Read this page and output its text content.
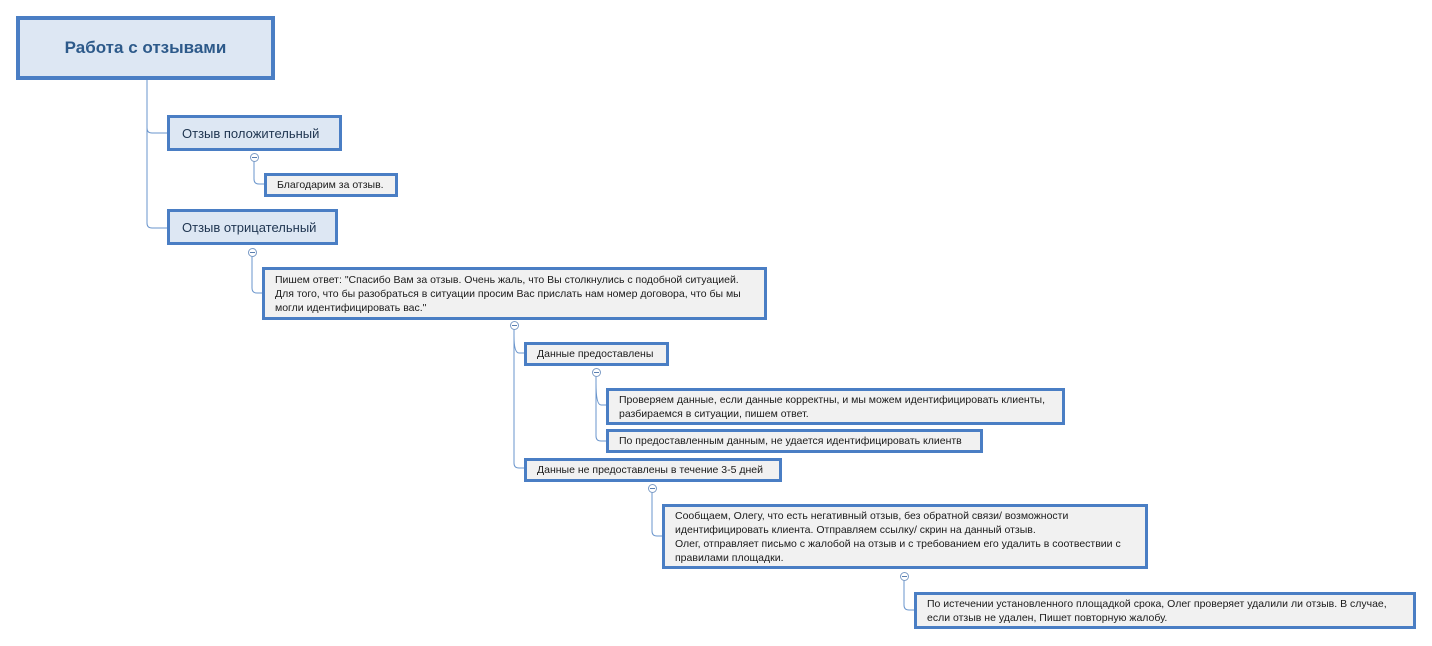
Работа с отзывами
Отзыв положительный
Благодарим за отзыв.
Отзыв отрицательный
Пишем ответ: "Спасибо Вам за отзыв. Очень жаль, что Вы столкнулись с подобной ситуацией.
Для того, что бы разобраться в ситуации просим Вас прислать нам номер договора, что бы мы
могли идентифицировать вас."
Данные предоставлены
Проверяем данные, если данные корректны, и мы можем идентифицировать клиенты,
разбираемся в ситуации, пишем ответ.
По предоставленным данным, не удается идентифицировать клиентв
Данные не предоставлены в течение 3-5 дней
Сообщаем, Олегу, что есть негативный отзыв, без обратной связи/ возможности
идентифицировать клиента. Отправляем ссылку/ скрин на данный отзыв.
Олег, отправляет письмо с жалобой на отзыв и с требованием его удалить в соотвествии с
правилами площадки.
По истечении установленного площадкой срока, Олег проверяет удалили ли отзыв. В случае,
если отзыв не удален, Пишет повторную жалобу.
